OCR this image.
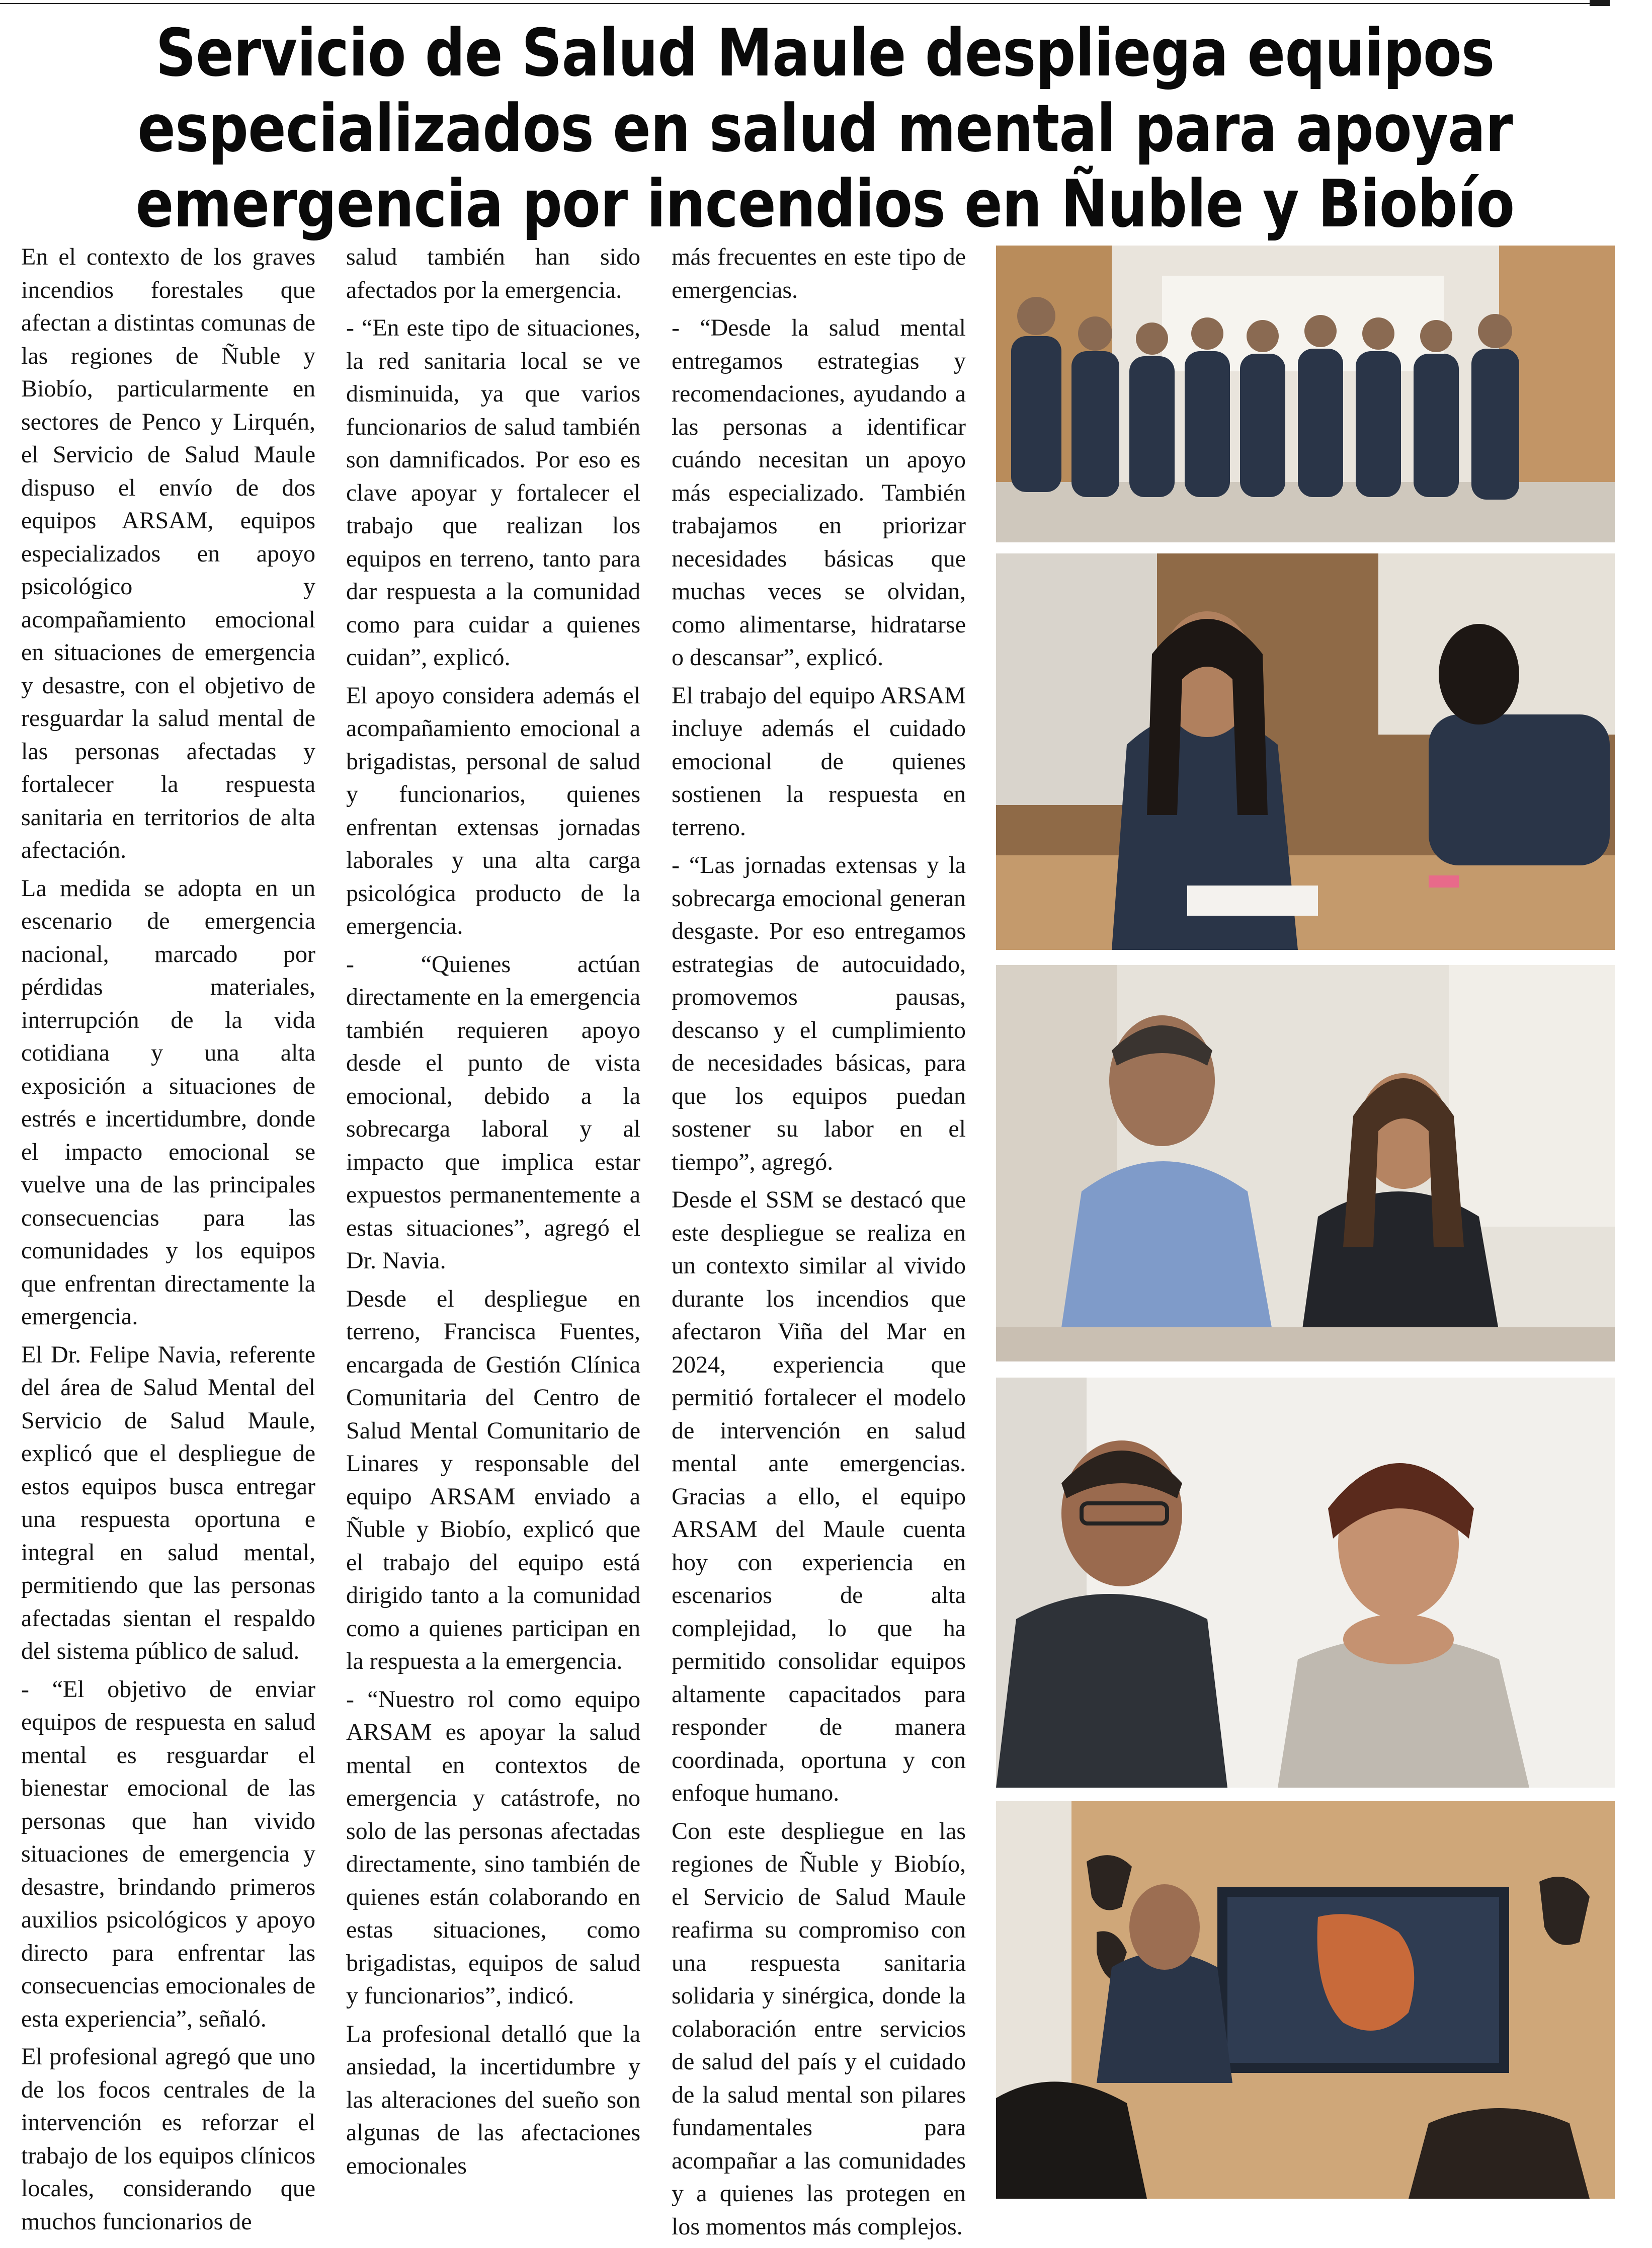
Servicio de Salud Maule despliega equipos especializados en salud mental para apoyar emergencia por incendios en Ñuble y Biobío

En el contexto de los graves incendios forestales que afectan a distintas comunas de las regiones de Ñuble y Biobío, particularmente en sectores de Penco y Lirquén, el Servicio de Salud Maule dispuso el envío de dos equipos ARSAM, equipos especializados en apoyo psicológico y acompañamiento emocional en situaciones de emergencia y desastre, con el objetivo de resguardar la salud mental de las personas afectadas y fortalecer la respuesta sanitaria en territorios de alta afectación.

La medida se adopta en un escenario de emergencia nacional, marcado por pérdidas materiales, interrupción de la vida cotidiana y una alta exposición a situaciones de estrés e incertidumbre, donde el impacto emocional se vuelve una de las principales consecuencias para las comunidades y los equipos que enfrentan directamente la emergencia.

El Dr. Felipe Navia, referente del área de Salud Mental del Servicio de Salud Maule, explicó que el despliegue de estos equipos busca entregar una respuesta oportuna e integral en salud mental, permitiendo que las personas afectadas sientan el respaldo del sistema público de salud.

- “El objetivo de enviar equipos de respuesta en salud mental es resguardar el bienestar emocional de las personas que han vivido situaciones de emergencia y desastre, brindando primeros auxilios psicológicos y apoyo directo para enfrentar las consecuencias emocionales de esta experiencia”, señaló.

El profesional agregó que uno de los focos centrales de la intervención es reforzar el trabajo de los equipos clínicos locales, considerando que muchos funcionarios de

salud también han sido afectados por la emergencia.

- “En este tipo de situaciones, la red sanitaria local se ve disminuida, ya que varios funcionarios de salud también son damnificados. Por eso es clave apoyar y fortalecer el trabajo que realizan los equipos en terreno, tanto para dar respuesta a la comunidad como para cuidar a quienes cuidan”, explicó.

El apoyo considera además el acompañamiento emocional a brigadistas, personal de salud y funcionarios, quienes enfrentan extensas jornadas laborales y una alta carga psicológica producto de la emergencia.

- “Quienes actúan directamente en la emergencia también requieren apoyo desde el punto de vista emocional, debido a la sobrecarga laboral y al impacto que implica estar expuestos permanentemente a estas situaciones”, agregó el Dr. Navia.

Desde el despliegue en terreno, Francisca Fuentes, encargada de Gestión Clínica Comunitaria del Centro de Salud Mental Comunitario de Linares y responsable del equipo ARSAM enviado a Ñuble y Biobío, explicó que el trabajo del equipo está dirigido tanto a la comunidad como a quienes participan en la respuesta a la emergencia.

- “Nuestro rol como equipo ARSAM es apoyar la salud mental en contextos de emergencia y catástrofe, no solo de las personas afectadas directamente, sino también de quienes están colaborando en estas situaciones, como brigadistas, equipos de salud y funcionarios”, indicó.

La profesional detalló que la ansiedad, la incertidumbre y las alteraciones del sueño son algunas de las afectaciones emocionales

más frecuentes en este tipo de emergencias.

- “Desde la salud mental entregamos estrategias y recomendaciones, ayudando a las personas a identificar cuándo necesitan un apoyo más especializado. También trabajamos en priorizar necesidades básicas que muchas veces se olvidan, como alimentarse, hidratarse o descansar”, explicó.

El trabajo del equipo ARSAM incluye además el cuidado emocional de quienes sostienen la respuesta en terreno.

- “Las jornadas extensas y la sobrecarga emocional generan desgaste. Por eso entregamos estrategias de autocuidado, promovemos pausas, descanso y el cumplimiento de necesidades básicas, para que los equipos puedan sostener su labor en el tiempo”, agregó.

Desde el SSM se destacó que este despliegue se realiza en un contexto similar al vivido durante los incendios que afectaron Viña del Mar en 2024, experiencia que permitió fortalecer el modelo de intervención en salud mental ante emergencias. Gracias a ello, el equipo ARSAM del Maule cuenta hoy con experiencia en escenarios de alta complejidad, lo que ha permitido consolidar equipos altamente capacitados para responder de manera coordinada, oportuna y con enfoque humano.

Con este despliegue en las regiones de Ñuble y Biobío, el Servicio de Salud Maule reafirma su compromiso con una respuesta sanitaria solidaria y sinérgica, donde la colaboración entre servicios de salud del país y el cuidado de la salud mental son pilares fundamentales para acompañar a las comunidades y a quienes las protegen en los momentos más complejos.
